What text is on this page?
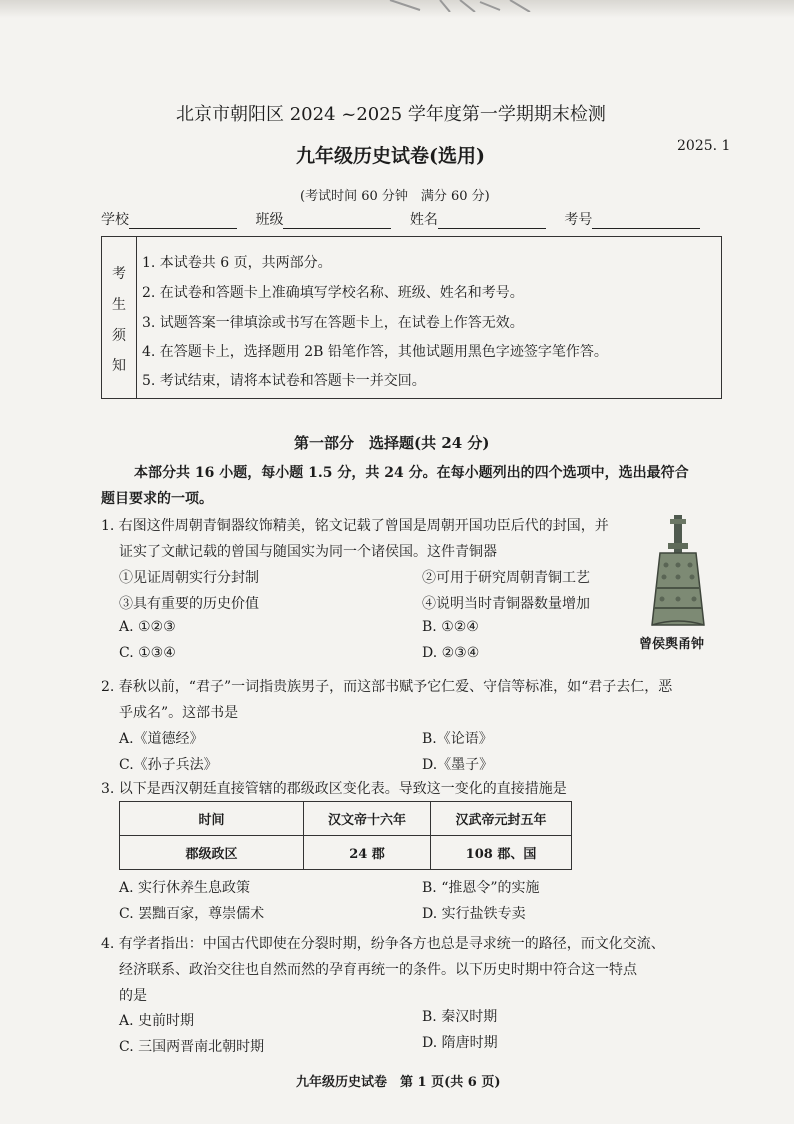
北京市朝阳区 2024 ~2025 学年度第一学期期末检测
九年级历史试卷(选用)	2025. 1
(考试时间 60 分钟　满分 60 分)
学校	班级	姓名	考号
考
生
须
知
1. 本试卷共 6 页，共两部分。
2. 在试卷和答题卡上准确填写学校名称、班级、姓名和考号。
3. 试题答案一律填涂或书写在答题卡上，在试卷上作答无效。
4. 在答题卡上，选择题用 2B 铅笔作答，其他试题用黑色字迹签字笔作答。
5. 考试结束，请将本试卷和答题卡一并交回。
第一部分　选择题(共 24 分)
本部分共 16 小题，每小题 1.5 分，共 24 分。在每小题列出的四个选项中，选出最符合
题目要求的一项。
1. 右图这件周朝青铜器纹饰精美，铭文记载了曾国是周朝开国功臣后代的封国，并
证实了文献记载的曾国与随国实为同一个诸侯国。这件青铜器
①见证周朝实行分封制	②可用于研究周朝青铜工艺
③具有重要的历史价值	④说明当时青铜器数量增加
A. ①②③	B. ①②④
C. ①③④	D. ②③④
曾侯舆甬钟
2. 春秋以前，“君子”一词指贵族男子，而这部书赋予它仁爱、守信等标准，如“君子去仁，恶
乎成名”。这部书是
A.《道德经》	B.《论语》
C.《孙子兵法》	D.《墨子》
3. 以下是西汉朝廷直接管辖的郡级政区变化表。导致这一变化的直接措施是
时间	汉文帝十六年	汉武帝元封五年
郡级政区	24 郡	108 郡、国
A. 实行休养生息政策	B. “推恩令”的实施
C. 罢黜百家，尊崇儒术	D. 实行盐铁专卖
4. 有学者指出：中国古代即使在分裂时期，纷争各方也总是寻求统一的路径，而文化交流、
经济联系、政治交往也自然而然的孕育再统一的条件。以下历史时期中符合这一特点
的是
A. 史前时期	B. 秦汉时期
C. 三国两晋南北朝时期	D. 隋唐时期
九年级历史试卷　第 1 页(共 6 页)
